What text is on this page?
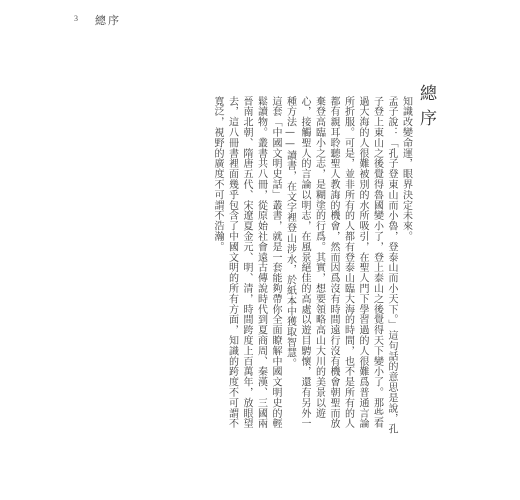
3 總序
總序
知識改變命運，眼界決定未來。
孟子說：「孔子登東山而小魯，登泰山而小天下。」這句話的意思是說，孔子登上東山之後覺得魯國變小了，登上泰山之後覺得天下變小了。那些看過大海的人很難被別的水所吸引，在聖人門下學習過的人很難爲普通言論所折服。可是，並非所有的人都有登泰山臨大海的時間，也不是所有的人都有親耳聆聽聖人教誨的機會，然而因爲沒有時間遠行沒有機會朝聖而放棄登高臨小之志，是糊塗的行爲。其實，想要領略高山大川的美景以遊心，接觸聖人的言論以明志，在風景絕佳的高處以遊目騁懷，還有另外一種方法——讀書，在文字裡登山涉水，於紙本中獲取智慧。
這套「中國文明史話」叢書，就是一套能夠帶你全面瞭解中國文明史的輕鬆讀物。叢書共八冊，從原始社會遠古傳說時代到夏商周、秦漢、三國兩晉南北朝、隋唐五代、宋遼夏金元、明、清，時間跨度上百萬年，放眼望去，這八冊書裡面幾乎包含了中國文明的所有方面，知識的跨度不可謂不寬泛，視野的廣度不可謂不浩瀚。
